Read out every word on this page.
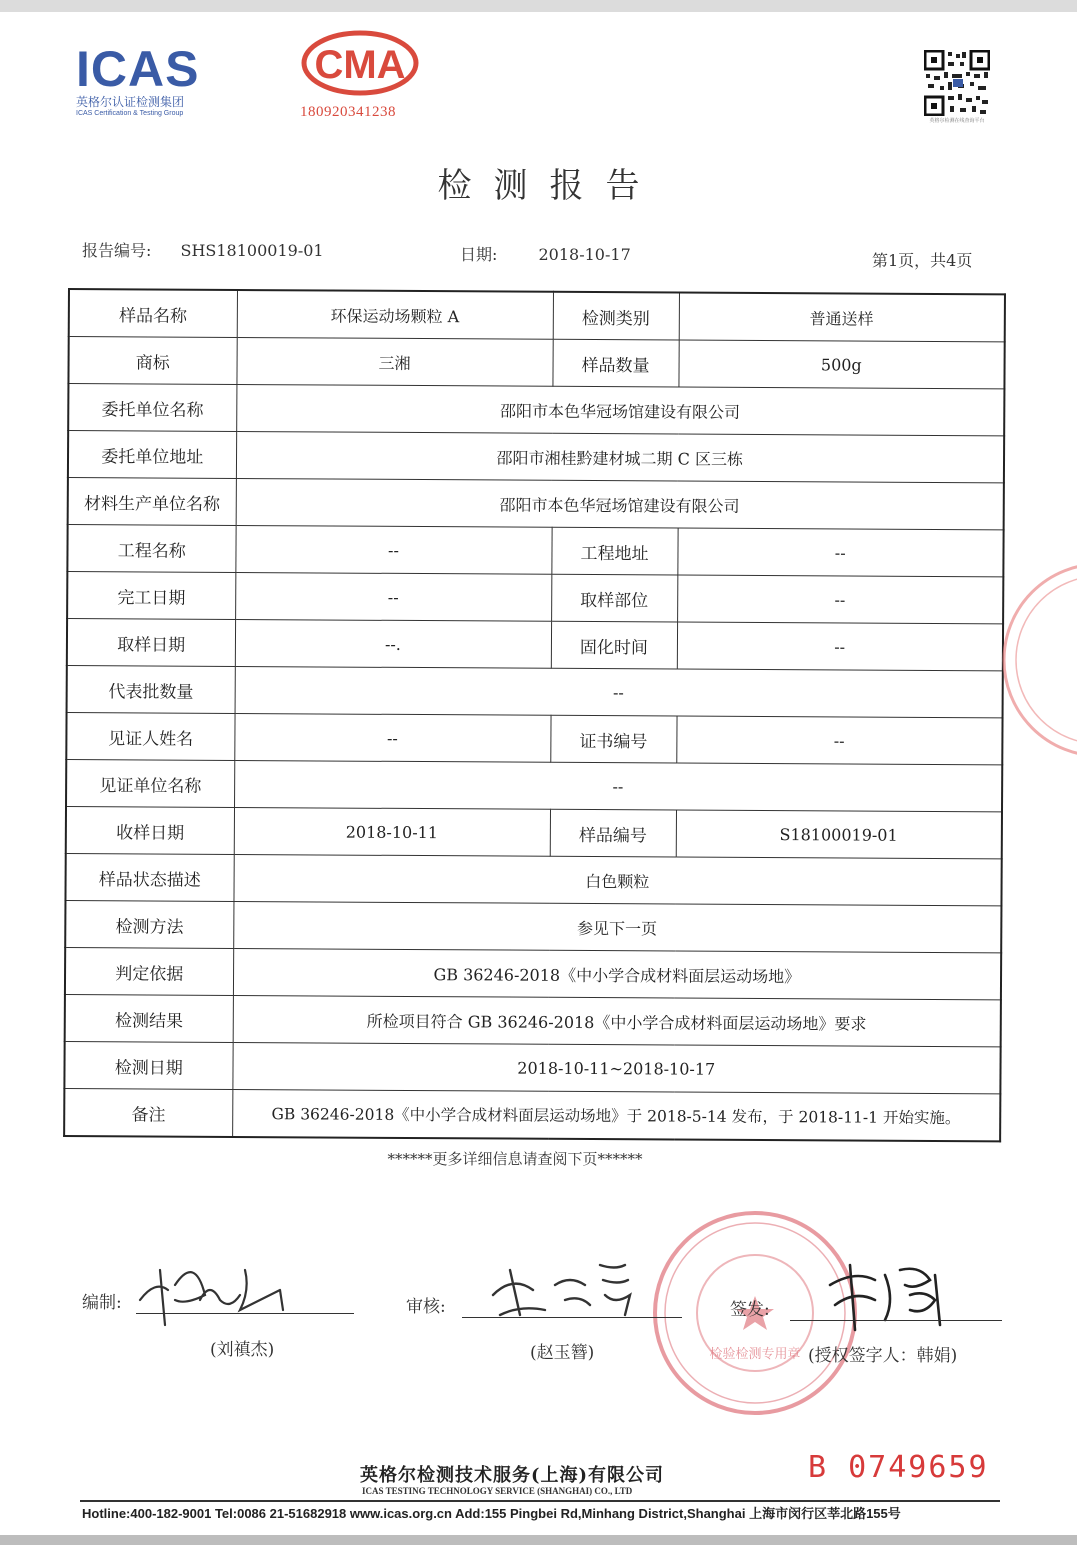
ICAS
英格尔认证检测集团
ICAS Certification & Testing Group
CMA
180920341238
英格尔检测在线查询平台
检测报告
报告编号: SHS18100019-01	日期:	2018-10-17	第1页，共4页
样品名称	环保运动场颗粒 A	检测类别	普通送样
商标	三湘	样品数量	500g
委托单位名称	邵阳市本色华冠场馆建设有限公司		
委托单位地址	邵阳市湘桂黔建材城二期 C 区三栋		
材料生产单位名称	邵阳市本色华冠场馆建设有限公司		
工程名称	--	工程地址	--
完工日期	--	取样部位	--
取样日期	--.	固化时间	--
代表批数量	--		
见证人姓名	--	证书编号	--
见证单位名称	--		
收样日期	2018-10-11	样品编号	S18100019-01
样品状态描述	白色颗粒		
检测方法	参见下一页		
判定依据	GB 36246-2018《中小学合成材料面层运动场地》		
检测结果	所检项目符合 GB 36246-2018《中小学合成材料面层运动场地》要求		
检测日期	2018-10-11~2018-10-17		
备注	GB 36246-2018《中小学合成材料面层运动场地》于 2018-5-14 发布，于 2018-11-1 开始实施。		
******更多详细信息请查阅下页******
检验检测专用章
编制:
(刘禛杰)
审核:
(赵玉簪)
签发:
(授权签字人：韩娟)
英格尔检测技术服务(上海)有限公司
ICAS TESTING TECHNOLOGY SERVICE (SHANGHAI) CO., LTD
B 0749659
Hotline:400-182-9001 Tel:0086 21-51682918 www.icas.org.cn Add:155 Pingbei Rd,Minhang District,Shanghai 上海市闵行区莘北路155号
